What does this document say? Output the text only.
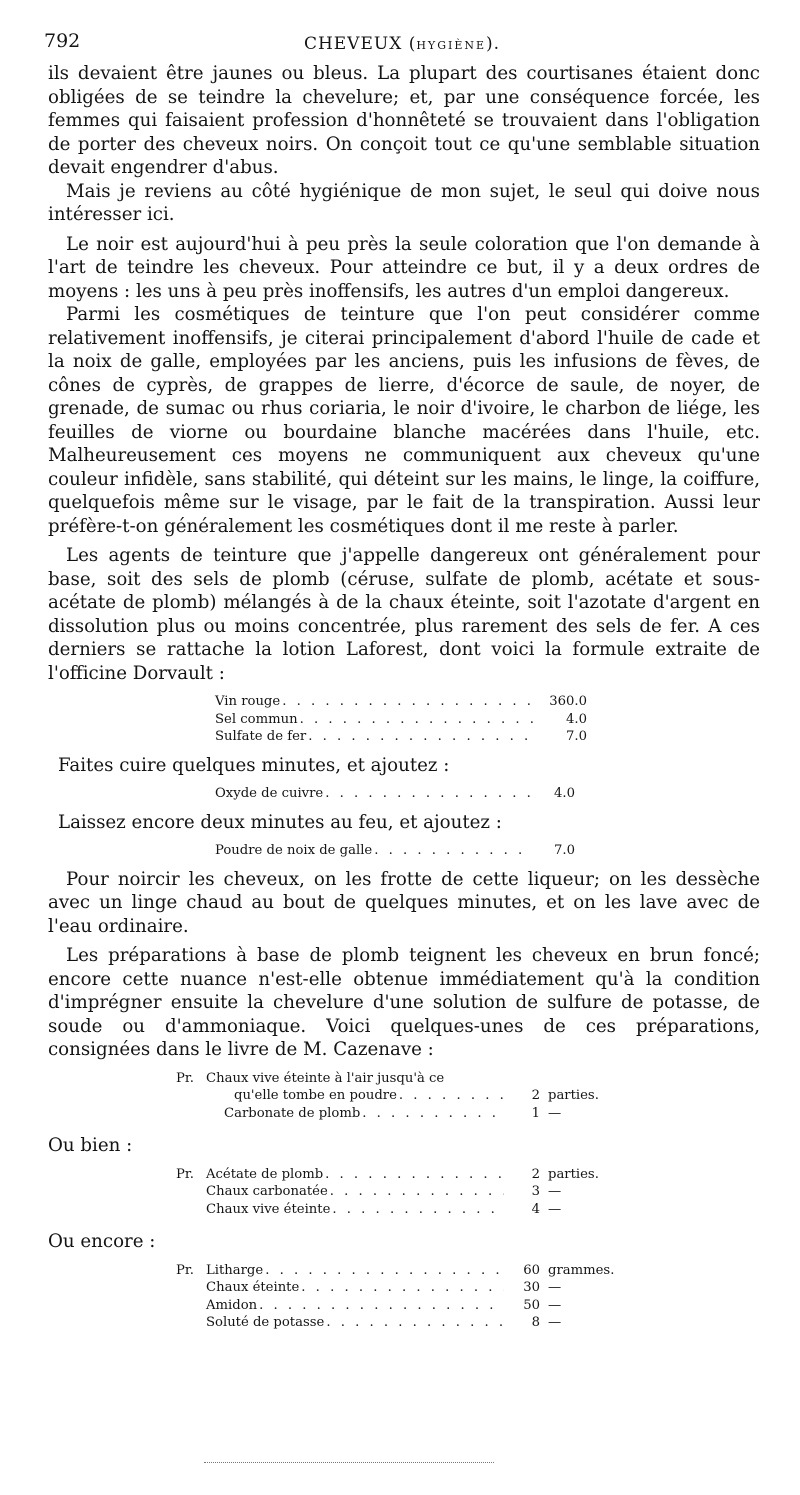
792	CHEVEUX (HYGIÈNE).

ils devaient être jaunes ou bleus. La plupart des courtisanes étaient donc obligées de se teindre la chevelure; et, par une conséquence forcée, les femmes qui faisaient profession d'honnêteté se trouvaient dans l'obligation de porter des cheveux noirs. On conçoit tout ce qu'une semblable situation devait engendrer d'abus.

Mais je reviens au côté hygiénique de mon sujet, le seul qui doive nous intéresser ici.

Le noir est aujourd'hui à peu près la seule coloration que l'on demande à l'art de teindre les cheveux. Pour atteindre ce but, il y a deux ordres de moyens : les uns à peu près inoffensifs, les autres d'un emploi dangereux.

Parmi les cosmétiques de teinture que l'on peut considérer comme relativement inoffensifs, je citerai principalement d'abord l'huile de cade et la noix de galle, employées par les anciens, puis les infusions de fèves, de cônes de cyprès, de grappes de lierre, d'écorce de saule, de noyer, de grenade, de sumac ou rhus coriaria, le noir d'ivoire, le charbon de liége, les feuilles de viorne ou bourdaine blanche macérées dans l'huile, etc. Malheureusement ces moyens ne communiquent aux cheveux qu'une couleur infidèle, sans stabilité, qui déteint sur les mains, le linge, la coiffure, quelquefois même sur le visage, par le fait de la transpiration. Aussi leur préfère-t-on généralement les cosmétiques dont il me reste à parler.

Les agents de teinture que j'appelle dangereux ont généralement pour base, soit des sels de plomb (céruse, sulfate de plomb, acétate et sous-acétate de plomb) mélangés à de la chaux éteinte, soit l'azotate d'argent en dissolution plus ou moins concentrée, plus rarement des sels de fer. A ces derniers se rattache la lotion Laforest, dont voici la formule extraite de l'officine Dorvault :

Vin rouge . . .	360.0
Sel commun . . .	4.0
Sulfate de fer . . .	7.0
Faites cuire quelques minutes, et ajoutez :
Oxyde de cuivre . . .	4.0
Laissez encore deux minutes au feu, et ajoutez :
Poudre de noix de galle . . .	7.0

Pour noircir les cheveux, on les frotte de cette liqueur; on les dessèche avec un linge chaud au bout de quelques minutes, et on les lave avec de l'eau ordinaire.

Les préparations à base de plomb teignent les cheveux en brun foncé; encore cette nuance n'est-elle obtenue immédiatement qu'à la condition d'imprégner ensuite la chevelure d'une solution de sulfure de potasse, de soude ou d'ammoniaque. Voici quelques-unes de ces préparations, consignées dans le livre de M. Cazenave :

Pr. Chaux vive éteinte à l'air jusqu'à ce
qu'elle tombe en poudre . . .	2 parties.
Carbonate de plomb . . .	1 —
Ou bien :
Pr. Acétate de plomb . . .	2 parties.
Chaux carbonatée . . .	3 —
Chaux vive éteinte . . .	4 —
Ou encore :
Pr. Litharge . . .	60 grammes.
Chaux éteinte . . .	30 —
Amidon . . .	50 —
Soluté de potasse . . .	8 —
